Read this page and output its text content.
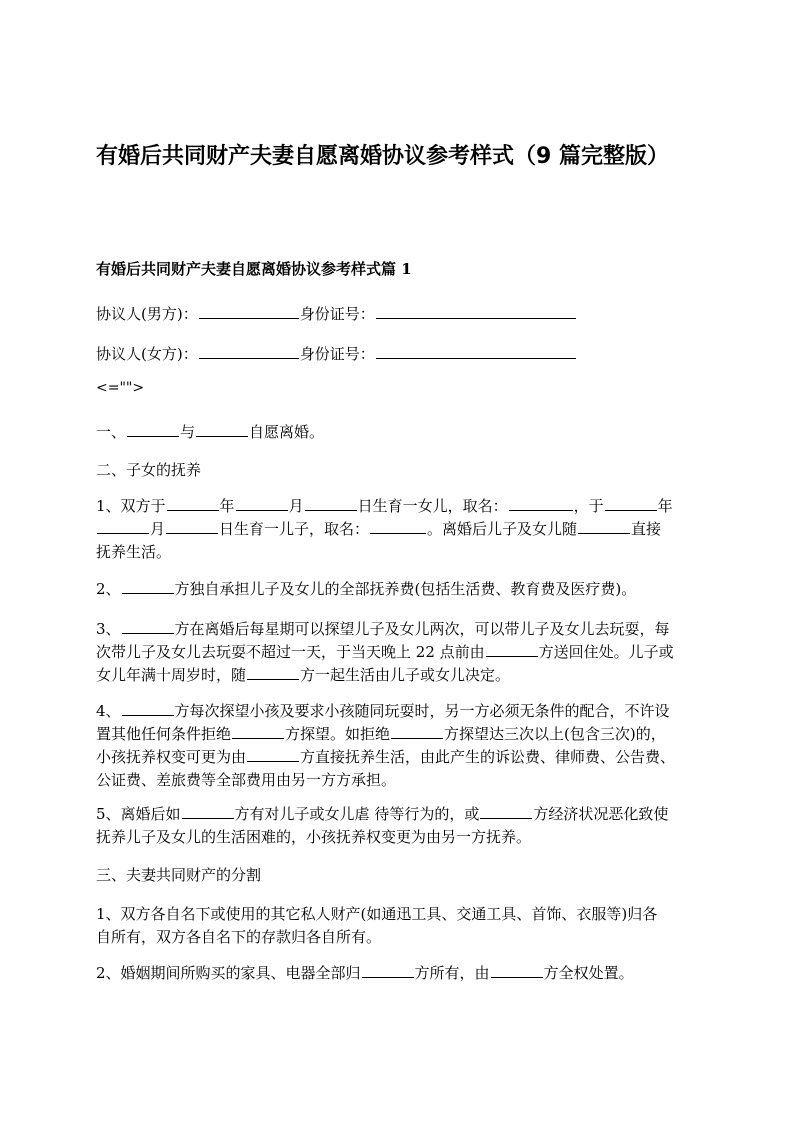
有婚后共同财产夫妻自愿离婚协议参考样式（9 篇完整版）
有婚后共同财产夫妻自愿离婚协议参考样式篇 1
协议人(男方)：	身份证号：
协议人(女方)：	身份证号：
<="">
一、	与	自愿离婚。
二、子女的抚养
1、双方于	年	月	日生育一女儿，取名：	，于	年
月	日生育一儿子，取名：	。离婚后儿子及女儿随	直接
抚养生活。
2、	方独自承担儿子及女儿的全部抚养费(包括生活费、教育费及医疗费)。
3、	方在离婚后每星期可以探望儿子及女儿两次，可以带儿子及女儿去玩耍，每
次带儿子及女儿去玩耍不超过一天，于当天晚上 22 点前由	方送回住处。儿子或
女儿年满十周岁时，随	方一起生活由儿子或女儿决定。
4、	方每次探望小孩及要求小孩随同玩耍时，另一方必须无条件的配合，不许设
置其他任何条件拒绝	方探望。如拒绝	方探望达三次以上(包含三次)的，
小孩抚养权变可更为由	方直接抚养生活，由此产生的诉讼费、律师费、公告费、
公证费、差旅费等全部费用由另一方方承担。
5、离婚后如	方有对儿子或女儿虐 待等行为的，或	方经济状况恶化致使
抚养儿子及女儿的生活困难的，小孩抚养权变更为由另一方抚养。
三、夫妻共同财产的分割
1、双方各自名下或使用的其它私人财产(如通迅工具、交通工具、首饰、衣服等)归各
自所有，双方各自名下的存款归各自所有。
2、婚姻期间所购买的家具、电器全部归	方所有，由	方全权处置。
